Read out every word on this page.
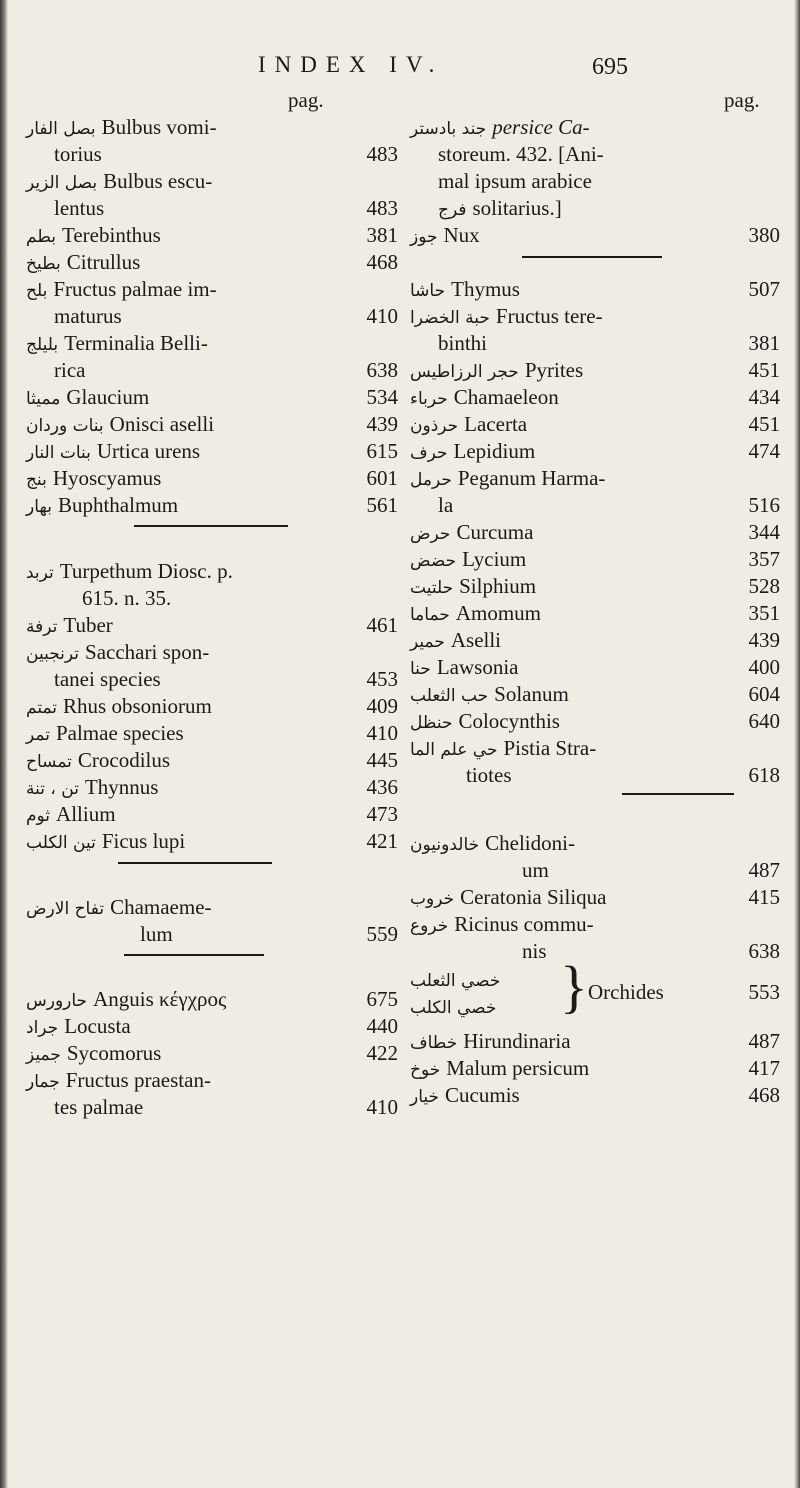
INDEX IV.	695
pag.
بصل الفار Bulbus vomi-
torius	483
بصل الزير Bulbus escu-
lentus	483
بطم Terebinthus	381
بطيخ Citrullus	468
بلح Fructus palmae im-
maturus	410
بليلج Terminalia Belli-
rica	638
مميثا Glaucium	534
بنات وردان Onisci aselli	439
بنات النار Urtica urens	615
بنج Hyoscyamus	601
بهار Buphthalmum	561
تربد Turpethum Diosc. p.
615. n. 35.
ترفة Tuber	461
ترنجبين Sacchari spon-
tanei species	453
تمتم Rhus obsoniorum	409
تمر Palmae species	410
تمساح Crocodilus	445
تن ، تنة Thynnus	436
ثوم Allium	473
تين الكلب Ficus lupi	421
تفاح الارض Chamaeme-
lum	559
حارورس Anguis κέγχρος	675
جراد Locusta	440
جميز Sycomorus	422
جمار Fructus praestan-
tes palmae	410
pag.
جند بادستر persice Ca-
storeum. 432. [Ani-
mal ipsum arabice
فرج solitarius.]
جوز Nux	380
حاشا Thymus	507
حبة الخضرا Fructus tere-
binthi	381
حجر الرزاطيس Pyrites	451
حرباء Chamaeleon	434
حرذون Lacerta	451
حرف Lepidium	474
حرمل Peganum Harma-
la	516
حرض Curcuma	344
حضض Lycium	357
حلتيت Silphium	528
حماما Amomum	351
حمير Aselli	439
حنا Lawsonia	400
حب الثعلب Solanum	604
حنظل Colocynthis	640
حي علم الما Pistia Stra-
tiotes	618
خالدونيون Chelidoni-
um	487
خروب Ceratonia Siliqua	415
خروع Ricinus commu-
nis	638
خصي الثعلب
خصي الكلب	} Orchides	553
خطاف Hirundinaria	487
خوخ Malum persicum	417
خيار Cucumis	468
